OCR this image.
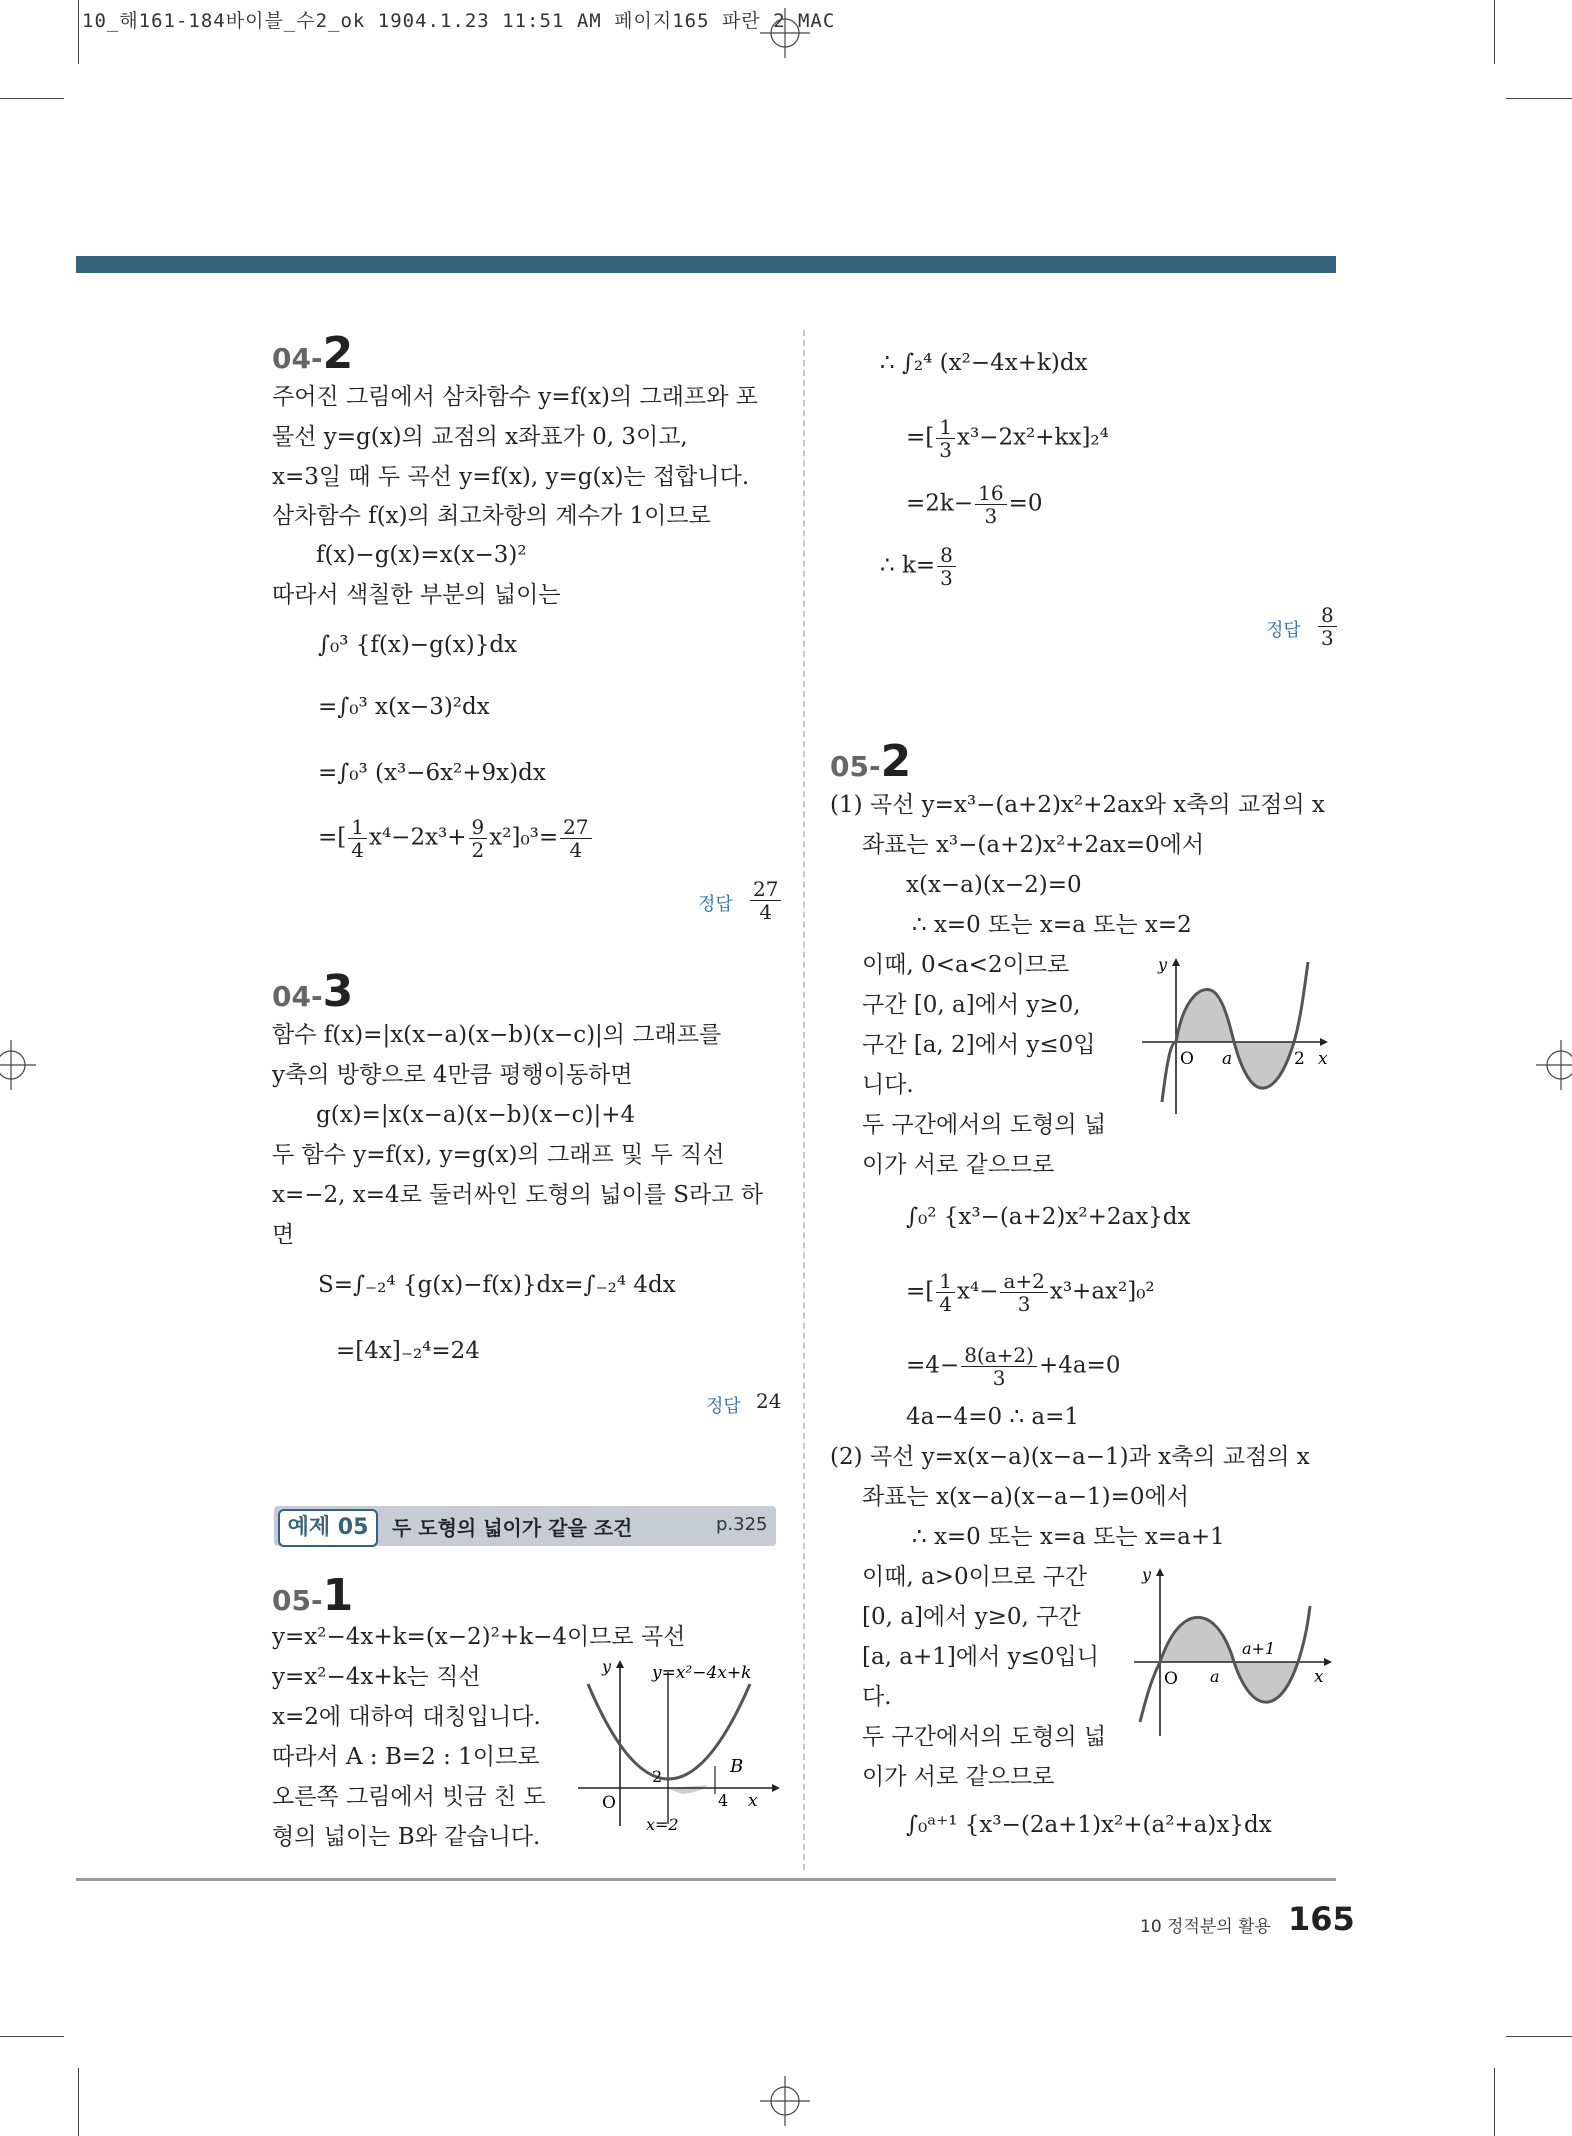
10_해161-184바이블_수2_ok 1904.1.23 11:51 AM 페이지165 파란 2 MAC
04-2
주어진 그림에서 삼차함수 y=f(x)의 그래프와 포
물선 y=g(x)의 교점의 x좌표가 0, 3이고,
x=3일 때 두 곡선 y=f(x), y=g(x)는 접합니다.
삼차함수 f(x)의 최고차항의 계수가 1이므로
f(x)−g(x)=x(x−3)²
따라서 색칠한 부분의 넓이는
∫₀³ {f(x)−g(x)}dx
=∫₀³ x(x−3)²dx
=∫₀³ (x³−6x²+9x)dx
=[ $\frac{1}{4} x^4-2x^3+ \frac{9}{2} x^2]_0^3= \frac{27}{4}$
정답 $\frac{27}{4}$
04-3
함수 f(x)=|x(x−a)(x−b)(x−c)|의 그래프를
y축의 방향으로 4만큼 평행이동하면
g(x)=|x(x−a)(x−b)(x−c)|+4
두 함수 y=f(x), y=g(x)의 그래프 및 두 직선
x=−2, x=4로 둘러싸인 도형의 넓이를 S라고 하
면
S=∫₋₂⁴ {g(x)−f(x)}dx=∫₋₂⁴ 4dx
=[4x]₋₂⁴=24
정답 24
예제 05	두 도형의 넓이가 같을 조건	p.325
05-1
y=x²−4x+k=(x−2)²+k−4이므로 곡선
y=x²−4x+k는 직선
x=2에 대하여 대칭입니다.
따라서 A : B=2 : 1이므로
오른쪽 그림에서 빗금 친 도
형의 넓이는 B와 같습니다.
y y=x²−4x+k
B
O
2
4 x
x=2
∴ ∫₂⁴ (x²−4x+k)dx
=[ $\frac{1}{3} x^3-2x^2+kx]_2^4$
$=2k- \frac{16}{3} =0$
∴ $k= \frac{8}{3}$
정답 $\frac{8}{3}$
05-2
(1) 곡선 y=x³−(a+2)x²+2ax와 x축의 교점의 x
좌표는 x³−(a+2)x²+2ax=0에서
x(x−a)(x−2)=0
∴ x=0 또는 x=a 또는 x=2
이때, 0<a<2이므로
구간 [0, a]에서 y≥0,
구간 [a, 2]에서 y≤0입
니다.
두 구간에서의 도형의 넓
이가 서로 같으므로
y
O a	2 x
∫₀² {x³−(a+2)x²+2ax}dx
=[ $\frac{1}{4} x^4- \frac{a+2}{3} x^3+ax^2]_0^2$
$=4- \frac{8(a+2)}{3} +4a=0$
4a−4=0 ∴ a=1
(2) 곡선 y=x(x−a)(x−a−1)과 x축의 교점의 x
좌표는 x(x−a)(x−a−1)=0에서
∴ x=0 또는 x=a 또는 x=a+1
이때, a>0이므로 구간
[0, a]에서 y≥0, 구간
[a, a+1]에서 y≤0입니
다.
두 구간에서의 도형의 넓
이가 서로 같으므로
y
O a
a+1
x
∫₀ᵃ⁺¹ {x³−(2a+1)x²+(a²+a)x}dx
10 정적분의 활용 165
